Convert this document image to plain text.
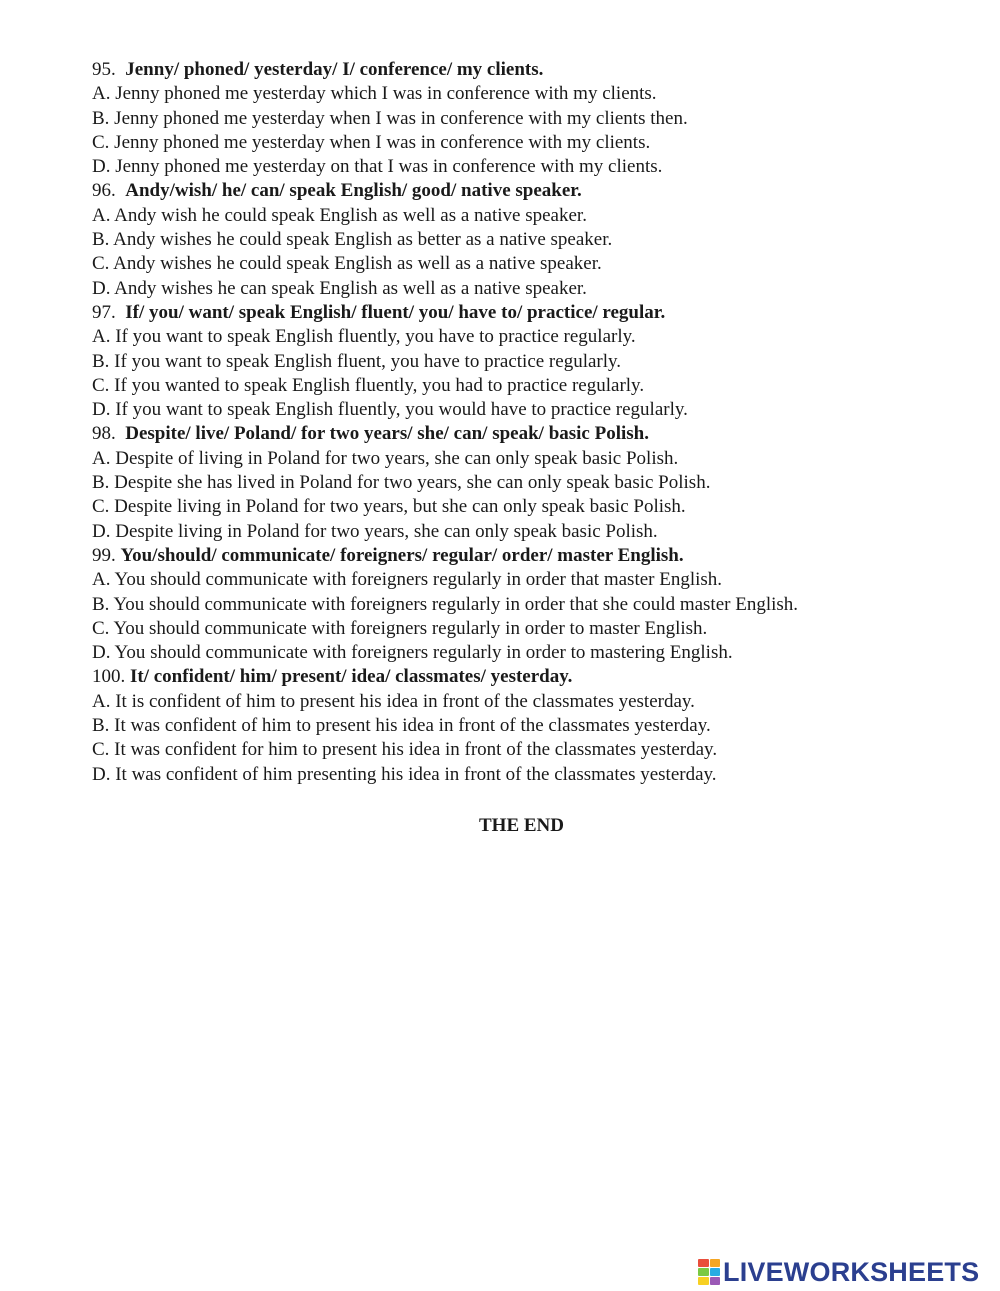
95. Jenny/ phoned/ yesterday/ I/ conference/ my clients.
A. Jenny phoned me yesterday which I was in conference with my clients.
B. Jenny phoned me yesterday when I was in conference with my clients then.
C. Jenny phoned me yesterday when I was in conference with my clients.
D. Jenny phoned me yesterday on that I was in conference with my clients.
96. Andy/wish/ he/ can/ speak English/ good/ native speaker.
A. Andy wish he could speak English as well as a native speaker.
B. Andy wishes he could speak English as better as a native speaker.
C. Andy wishes he could speak English as well as a native speaker.
D. Andy wishes he can speak English as well as a native speaker.
97. If/ you/ want/ speak English/ fluent/ you/ have to/ practice/ regular.
A. If you want to speak English fluently, you have to practice regularly.
B. If you want to speak English fluent, you have to practice regularly.
C. If you wanted to speak English fluently, you had to practice regularly.
D. If you want to speak English fluently, you would have to practice regularly.
98. Despite/ live/ Poland/ for two years/ she/ can/ speak/ basic Polish.
A. Despite of living in Poland for two years, she can only speak basic Polish.
B. Despite she has lived in Poland for two years, she can only speak basic Polish.
C. Despite living in Poland for two years, but she can only speak basic Polish.
D. Despite living in Poland for two years, she can only speak basic Polish.
99. You/should/ communicate/ foreigners/ regular/ order/ master English.
A. You should communicate with foreigners regularly in order that master English.
B. You should communicate with foreigners regularly in order that she could master English.
C. You should communicate with foreigners regularly in order to master English.
D. You should communicate with foreigners regularly in order to mastering English.
100. It/ confident/ him/ present/ idea/ classmates/ yesterday.
A. It is confident of him to present his idea in front of the classmates yesterday.
B. It was confident of him to present his idea in front of the classmates yesterday.
C. It was confident for him to present his idea in front of the classmates yesterday.
D. It was confident of him presenting his idea in front of the classmates yesterday.
THE END
LIVEWORKSHEETS
